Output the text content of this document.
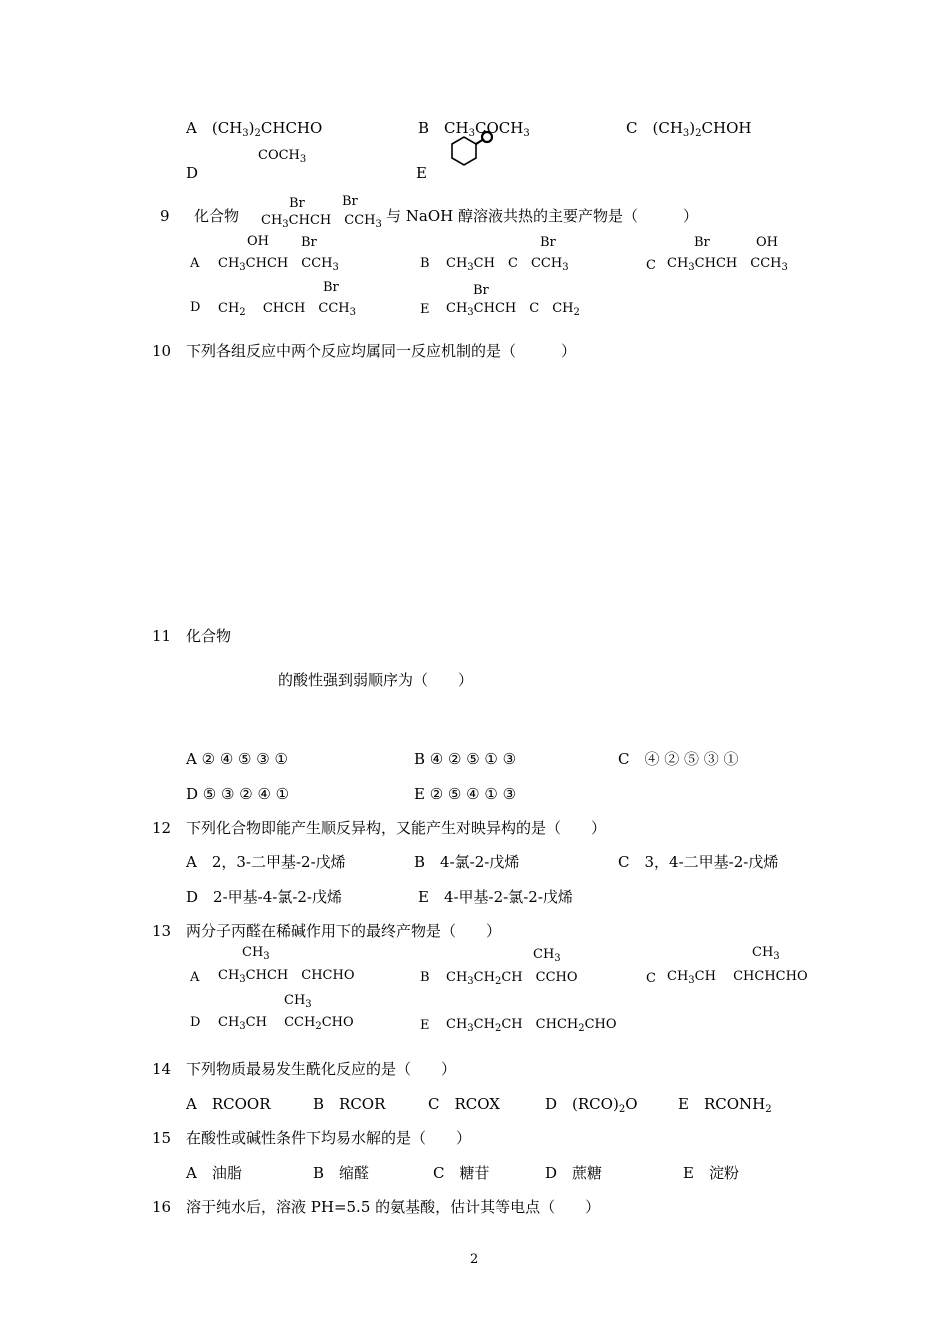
A　 $(CH_3)_2CHCHO$	B　 $CH_3COCH_3$	C　 $(CH_3)_2CHOH$
$COCH_3$
D	E
Br	Br
9 化合物 $CH_3CHCH$　 $CCH_3$ 与 NaOH 醇溶液共热的主要产物是（　　　）
OH Br
A $CH_3CHCH$　 $CCH_3$
Br
B $CH_3CH$　 C　 $CCH_3$
Br	OH
C $CH_3CHCH$　 $CCH_3$
Br
D $CH_2$　 CHCH　 $CCH_3$
Br
E $CH_3CHCH$　 C　 $CH_2$
10 下列各组反应中两个反应均属同一反应机制的是（　　　）
11 化合物
的酸性强到弱顺序为（　　）
A ② ④ ⑤ ③ ①	B ④ ② ⑤ ① ③	C　④ ② ⑤ ③ ①
D ⑤ ③ ② ④ ①	E ② ⑤ ④ ① ③
12 下列化合物即能产生顺反异构，又能产生对映异构的是（　　）
A　2，3-二甲基-2-戊烯	B　4-氯-2-戊烯	C　3，4-二甲基-2-戊烯
D　2-甲基-4-氯-2-戊烯	E　4-甲基-2-氯-2-戊烯
13 两分子丙醛在稀碱作用下的最终产物是（　　）
$CH_3$
A $CH_3CHCH$　 CHCHO
$CH_3$
B $CH_3CH_2CH$　 CCHO
$CH_3$
C $CH_3CH$　 CHCHCHO
$CH_3$
D $CH_3CH$　 $CCH_2CHO$	E $CH_3CH_2CH$　 $CHCH_2CHO$
14 下列物质最易发生酰化反应的是（　　）
A　RCOOR	B　RCOR	C　RCOX	D　$(RCO)_2O$	E　$RCONH_2$
15 在酸性或碱性条件下均易水解的是（　　）
A　油脂	B　缩醛	C　糖苷	D　蔗糖	E　淀粉
16 溶于纯水后，溶液 PH=5.5 的氨基酸，估计其等电点（　　）
2
